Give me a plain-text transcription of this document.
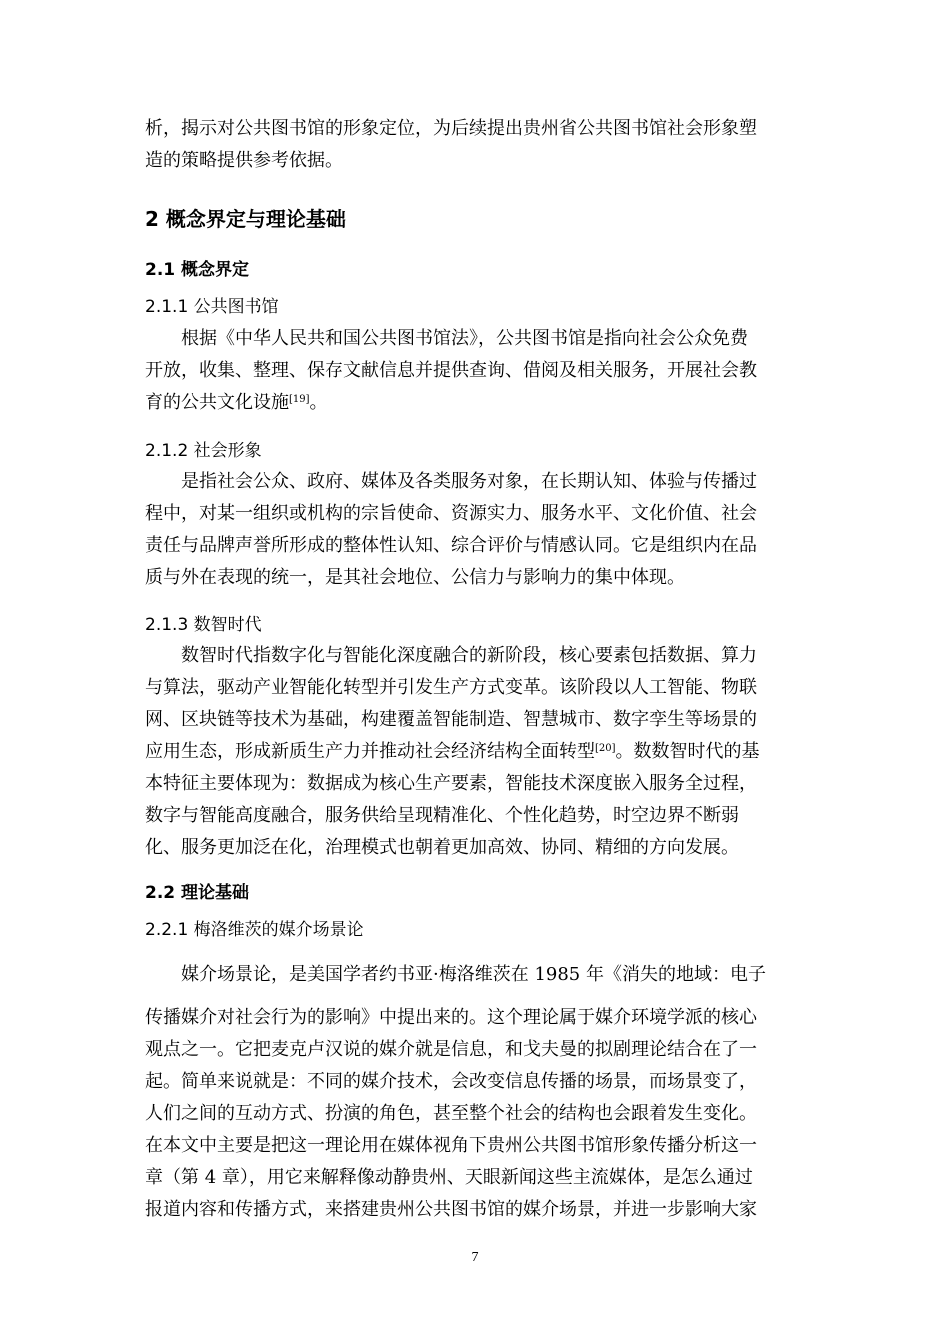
析，揭示对公共图书馆的形象定位，为后续提出贵州省公共图书馆社会形象塑

造的策略提供参考依据。

2 概念界定与理论基础
2.1 概念界定
2.1.1 公共图书馆

根据《中华人民共和国公共图书馆法》，公共图书馆是指向社会公众免费

开放，收集、整理、保存文献信息并提供查询、借阅及相关服务，开展社会教

育的公共文化设施[19]。

2.1.2 社会形象

是指社会公众、政府、媒体及各类服务对象，在长期认知、体验与传播过

程中，对某一组织或机构的宗旨使命、资源实力、服务水平、文化价值、社会

责任与品牌声誉所形成的整体性认知、综合评价与情感认同。它是组织内在品

质与外在表现的统一，是其社会地位、公信力与影响力的集中体现。

2.1.3 数智时代

数智时代指数字化与智能化深度融合的新阶段，核心要素包括数据、算力

与算法，驱动产业智能化转型并引发生产方式变革。该阶段以人工智能、物联

网、区块链等技术为基础，构建覆盖智能制造、智慧城市、数字孪生等场景的

应用生态，形成新质生产力并推动社会经济结构全面转型[20]。数数智时代的基

本特征主要体现为：数据成为核心生产要素，智能技术深度嵌入服务全过程，

数字与智能高度融合，服务供给呈现精准化、个性化趋势，时空边界不断弱

化、服务更加泛在化，治理模式也朝着更加高效、协同、精细的方向发展。

2.2 理论基础
2.2.1 梅洛维茨的媒介场景论

媒介场景论，是美国学者约书亚·梅洛维茨在 1985 年《消失的地域：电子

传播媒介对社会行为的影响》中提出来的。这个理论属于媒介环境学派的核心

观点之一。它把麦克卢汉说的媒介就是信息，和戈夫曼的拟剧理论结合在了一

起。简单来说就是：不同的媒介技术，会改变信息传播的场景，而场景变了，

人们之间的互动方式、扮演的角色，甚至整个社会的结构也会跟着发生变化。

在本文中主要是把这一理论用在媒体视角下贵州公共图书馆形象传播分析这一

章（第 4 章），用它来解释像动静贵州、天眼新闻这些主流媒体，是怎么通过

报道内容和传播方式，来搭建贵州公共图书馆的媒介场景，并进一步影响大家

7
